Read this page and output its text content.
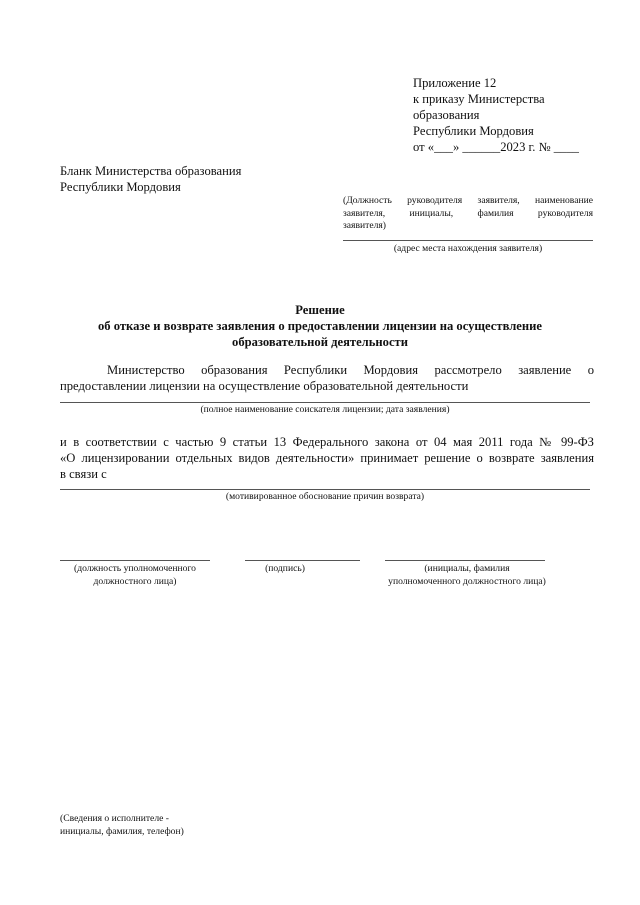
Приложение 12
к приказу Министерства
образования
Республики Мордовия
от «___» ______2023 г. № ____
Бланк Министерства образования
Республики Мордовия
(Должность руководителя заявителя, наименование
заявителя, инициалы, фамилия руководителя
заявителя)
(адрес места нахождения заявителя)
Решение
об отказе и возврате заявления о предоставлении лицензии на осуществление
образовательной деятельности
Министерство образования Республики Мордовия рассмотрело заявление о
предоставлении лицензии на осуществление образовательной деятельности
(полное наименование соискателя лицензии; дата заявления)
и в соответствии с частью 9 статьи 13 Федерального закона от 04 мая 2011 года № 99-ФЗ
«О лицензировании отдельных видов деятельности» принимает решение о возврате заявления
в связи с
(мотивированное обоснование причин возврата)
(должность уполномоченного
должностного лица)
(подпись)	(инициалы, фамилия
уполномоченного должностного лица)
(Сведения о исполнителе -
инициалы, фамилия, телефон)
